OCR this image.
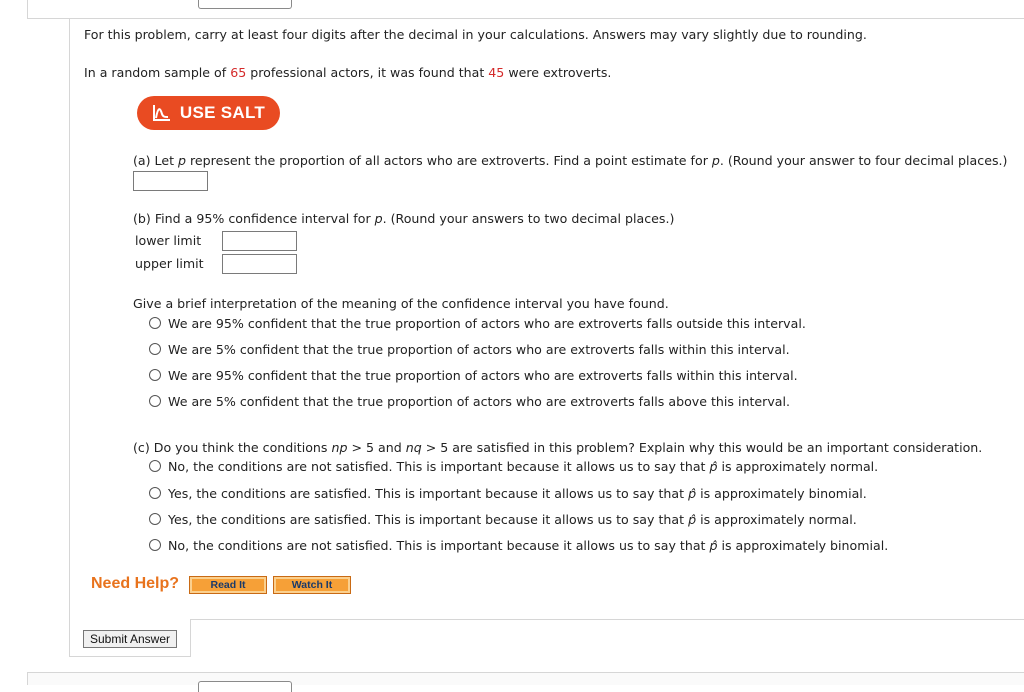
For this problem, carry at least four digits after the decimal in your calculations. Answers may vary slightly due to rounding.
In a random sample of 65 professional actors, it was found that 45 were extroverts.
USE SALT
(a) Let p represent the proportion of all actors who are extroverts. Find a point estimate for p. (Round your answer to four decimal places.)
(b) Find a 95% confidence interval for p. (Round your answers to two decimal places.)
lower limit
upper limit
Give a brief interpretation of the meaning of the confidence interval you have found.
We are 95% confident that the true proportion of actors who are extroverts falls outside this interval.
We are 5% confident that the true proportion of actors who are extroverts falls within this interval.
We are 95% confident that the true proportion of actors who are extroverts falls within this interval.
We are 5% confident that the true proportion of actors who are extroverts falls above this interval.
(c) Do you think the conditions np > 5 and nq > 5 are satisfied in this problem? Explain why this would be an important consideration.
No, the conditions are not satisfied. This is important because it allows us to say that p̂ is approximately normal.
Yes, the conditions are satisfied. This is important because it allows us to say that p̂ is approximately binomial.
Yes, the conditions are satisfied. This is important because it allows us to say that p̂ is approximately normal.
No, the conditions are not satisfied. This is important because it allows us to say that p̂ is approximately binomial.
Need Help?	Read It	Watch It
Submit Answer
